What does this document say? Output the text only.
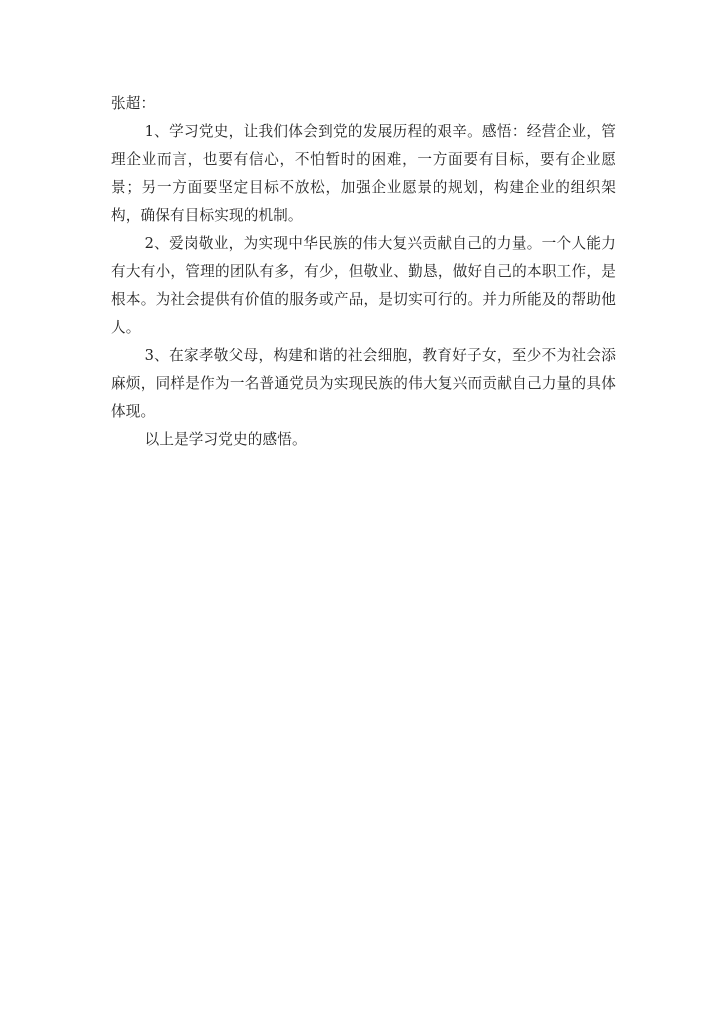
张超：

1、学习党史，让我们体会到党的发展历程的艰辛。感悟：经营企业，管理企业而言，也要有信心，不怕暂时的困难，一方面要有目标，要有企业愿景；另一方面要坚定目标不放松，加强企业愿景的规划，构建企业的组织架构，确保有目标实现的机制。

2、爱岗敬业，为实现中华民族的伟大复兴贡献自己的力量。一个人能力有大有小，管理的团队有多，有少，但敬业、勤恳，做好自己的本职工作，是根本。为社会提供有价值的服务或产品，是切实可行的。并力所能及的帮助他人。

3、在家孝敬父母，构建和谐的社会细胞，教育好子女，至少不为社会添麻烦，同样是作为一名普通党员为实现民族的伟大复兴而贡献自己力量的具体体现。

以上是学习党史的感悟。
